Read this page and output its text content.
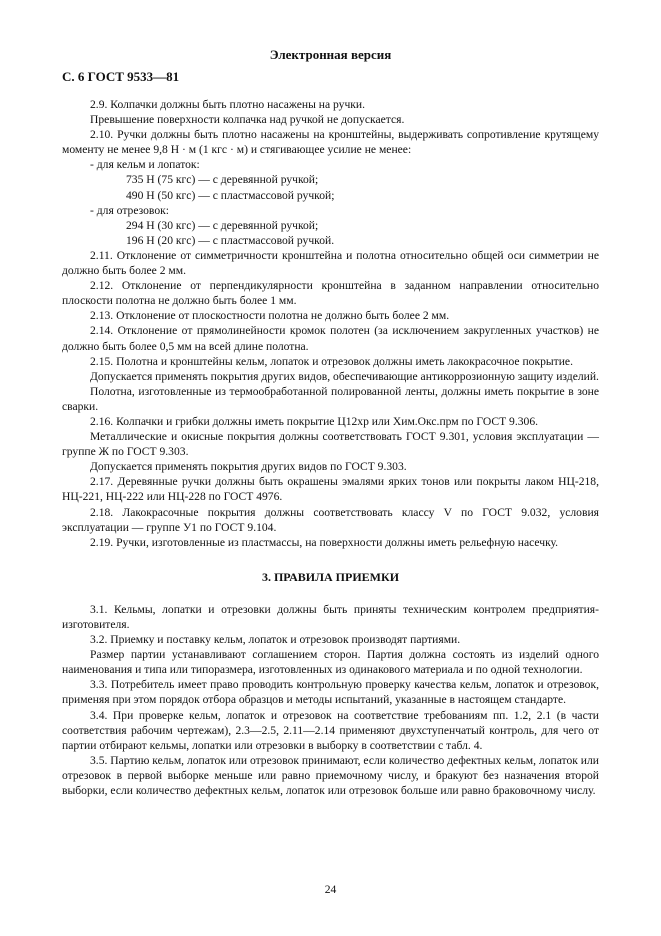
Электронная версия
С. 6 ГОСТ 9533—81

2.9. Колпачки должны быть плотно насажены на ручки.

Превышение поверхности колпачка над ручкой не допускается.

2.10. Ручки должны быть плотно насажены на кронштейны, выдерживать сопротивление крутящему моменту не менее 9,8 Н · м (1 кгс · м) и стягивающее усилие не менее:

- для кельм и лопаток:

735 Н (75 кгс) — с деревянной ручкой;

490 Н (50 кгс) — с пластмассовой ручкой;

- для отрезовок:

294 Н (30 кгс) — с деревянной ручкой;

196 Н (20 кгс) — с пластмассовой ручкой.

2.11. Отклонение от симметричности кронштейна и полотна относительно общей оси симметрии не должно быть более 2 мм.

2.12. Отклонение от перпендикулярности кронштейна в заданном направлении относительно плоскости полотна не должно быть более 1 мм.

2.13. Отклонение от плоскостности полотна не должно быть более 2 мм.

2.14. Отклонение от прямолинейности кромок полотен (за исключением закругленных участков) не должно быть более 0,5 мм на всей длине полотна.

2.15. Полотна и кронштейны кельм, лопаток и отрезовок должны иметь лакокрасочное покрытие.

Допускается применять покрытия других видов, обеспечивающие антикоррозионную защиту изделий.

Полотна, изготовленные из термообработанной полированной ленты, должны иметь покрытие в зоне сварки.

2.16. Колпачки и грибки должны иметь покрытие Ц12хр или Хим.Окс.прм по ГОСТ 9.306.

Металлические и окисные покрытия должны соответствовать ГОСТ 9.301, условия эксплуатации — группе Ж по ГОСТ 9.303.

Допускается применять покрытия других видов по ГОСТ 9.303.

2.17. Деревянные ручки должны быть окрашены эмалями ярких тонов или покрыты лаком НЦ-218, НЦ-221, НЦ-222 или НЦ-228 по ГОСТ 4976.

2.18. Лакокрасочные покрытия должны соответствовать классу V по ГОСТ 9.032, условия эксплуатации — группе У1 по ГОСТ 9.104.

2.19. Ручки, изготовленные из пластмассы, на поверхности должны иметь рельефную насечку.

3. ПРАВИЛА ПРИЕМКИ

3.1. Кельмы, лопатки и отрезовки должны быть приняты техническим контролем предприятия-изготовителя.

3.2. Приемку и поставку кельм, лопаток и отрезовок производят партиями.

Размер партии устанавливают соглашением сторон. Партия должна состоять из изделий одного наименования и типа или типоразмера, изготовленных из одинакового материала и по одной технологии.

3.3. Потребитель имеет право проводить контрольную проверку качества кельм, лопаток и отрезовок, применяя при этом порядок отбора образцов и методы испытаний, указанные в настоящем стандарте.

3.4. При проверке кельм, лопаток и отрезовок на соответствие требованиям пп. 1.2, 2.1 (в части соответствия рабочим чертежам), 2.3—2.5, 2.11—2.14 применяют двухступенчатый контроль, для чего от партии отбирают кельмы, лопатки или отрезовки в выборку в соответствии с табл. 4.

3.5. Партию кельм, лопаток или отрезовок принимают, если количество дефектных кельм, лопаток или отрезовок в первой выборке меньше или равно приемочному числу, и бракуют без назначения второй выборки, если количество дефектных кельм, лопаток или отрезовок больше или равно браковочному числу.

24
